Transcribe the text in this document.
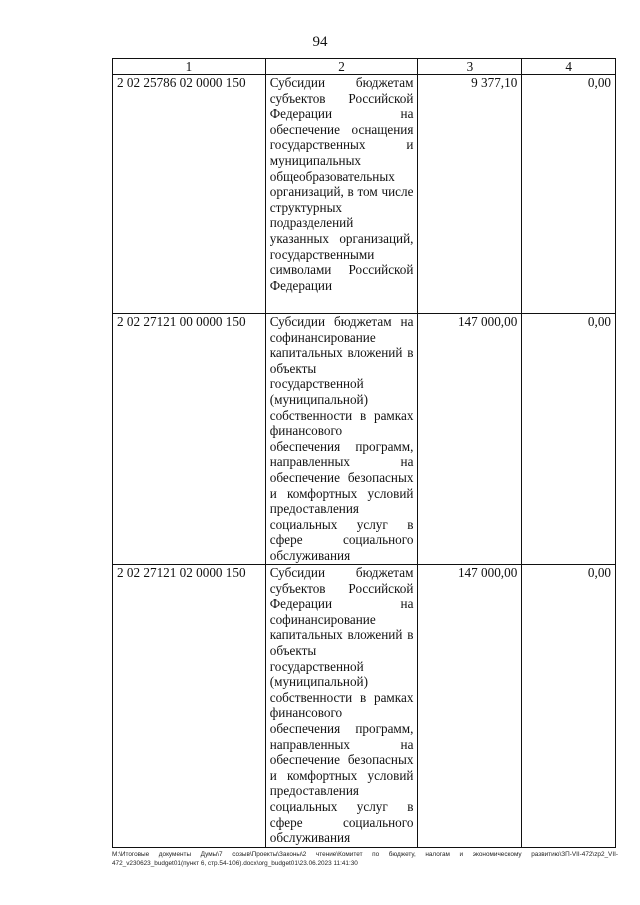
94
1	2	3	4
2 02 25786 02 0000 150	Субсидии бюджетам субъектов Российской Федерации на обеспечение оснащения государственных и муниципальных общеобразовательных организаций, в том числе структурных подразделений указанных организаций, государственными символами Российской Федерации	9 377,10	0,00
2 02 27121 00 0000 150	Субсидии бюджетам на софинансирование капитальных вложений в объекты государственной (муниципальной) собственности в рамках финансового обеспечения программ, направленных на обеспечение безопасных и комфортных условий предоставления социальных услуг в сфере социального обслуживания	147 000,00	0,00
2 02 27121 02 0000 150	Субсидии бюджетам субъектов Российской Федерации на софинансирование капитальных вложений в объекты государственной (муниципальной) собственности в рамках финансового обеспечения программ, направленных на обеспечение безопасных и комфортных условий предоставления социальных услуг в сфере социального обслуживания	147 000,00	0,00
M:\Итоговые документы Думы\7 созыв\Проекты\Законы\2 чтение\Комитет по бюджету, налогам и экономическому развитию\ЗП-VII-472\zp2_VII-472_v230623_budget01(пункт 6, стр.54-106).docx\org_budget01\23.06.2023 11:41:30
